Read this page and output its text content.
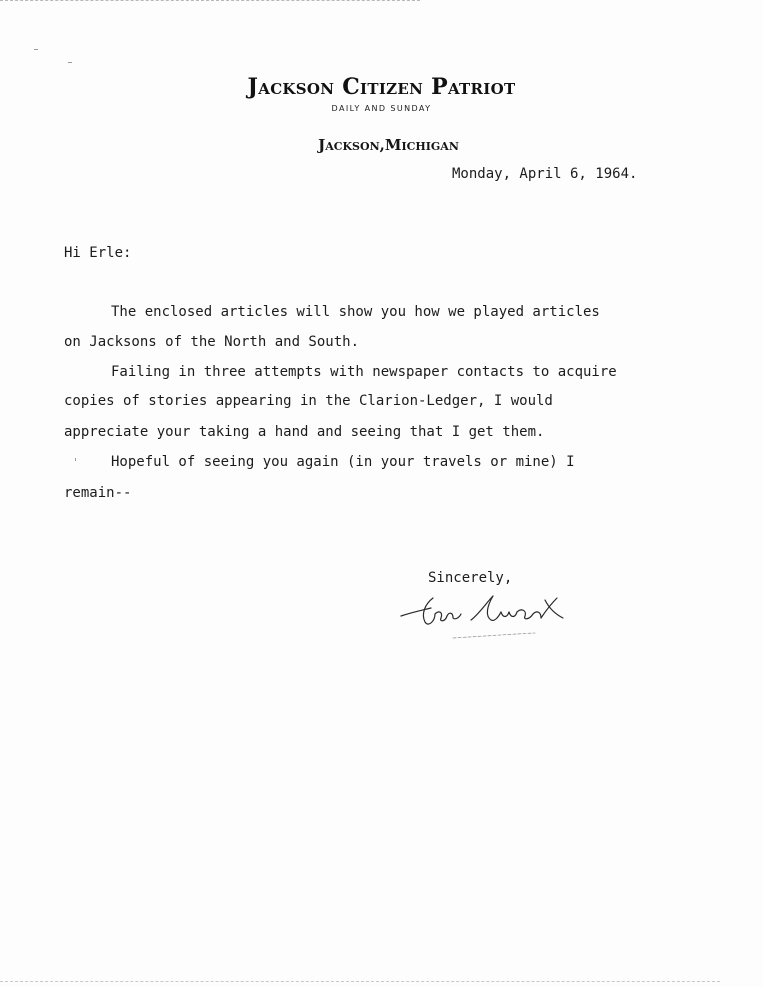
Jackson Citizen Patriot
DAILY AND SUNDAY
Jackson,Michigan
Monday, April 6, 1964.
Hi Erle:
The enclosed articles will show you how we played articles
on Jacksons of the North and South.
Failing in three attempts with newspaper contacts to acquire
copies of stories appearing in the Clarion-Ledger, I would
appreciate your taking a hand and seeing that I get them.
Hopeful of seeing you again (in your travels or mine) I
remain--
Sincerely,
